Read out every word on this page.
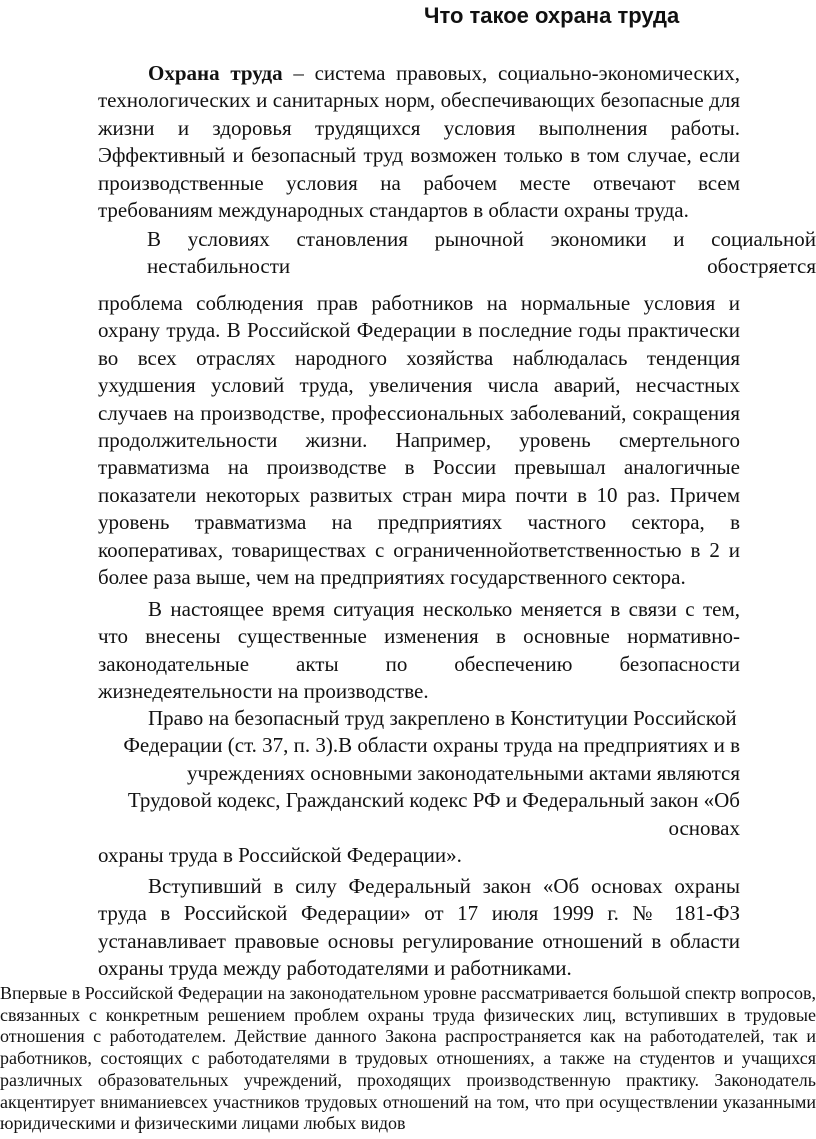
Что такое охрана труда

Охрана труда – система правовых, социально-экономических, технологических и санитарных норм, обеспечивающих безопасные для жизни и здоровья трудящихся условия выполнения работы. Эффективный и безопасный труд возможен только в том случае, если производственные условия на рабочем месте отвечают всем требованиям международных стандартов в области охраны труда.

В условиях становления рыночной экономики и социальной нестабильности обостряется

проблема соблюдения прав работников на нормальные условия и охрану труда. В Российской Федерации в последние годы практически во всех отраслях народного хозяйства наблюдалась тенденция ухудшения условий труда, увеличения числа аварий, несчастных случаев на производстве, профессиональных заболеваний, сокращения продолжительности жизни. Например, уровень смертельного травматизма на производстве в России превышал аналогичные показатели некоторых развитых стран мира почти в 10 раз. Причем уровень травматизма на предприятиях частного сектора, в кооперативах, товариществах с ограниченнойответственностью в 2 и более раза выше, чем на предприятиях государственного сектора.

В настоящее время ситуация несколько меняется в связи с тем, что внесены существенные изменения в основные нормативно-законодательные акты по обеспечению безопасности жизнедеятельности на производстве.

Право на безопасный труд закреплено в Конституции Российской
Федерации (ст. 37, п. 3).В области охраны труда на предприятиях и в
учреждениях основными законодательными актами являются
Трудовой кодекс, Гражданский кодекс РФ и Федеральный закон «Об
основах
охраны труда в Российской Федерации».

Вступивший в силу Федеральный закон «Об основах охраны труда в Российской Федерации» от 17 июля 1999 г. № 181-ФЗ устанавливает правовые основы регулирование отношений в области охраны труда между работодателями и работниками.

Впервые в Российской Федерации на законодательном уровне рассматривается большой спектр вопросов, связанных с конкретным решением проблем охраны труда физических лиц, вступивших в трудовые отношения с работодателем. Действие данного Закона распространяется как на работодателей, так и работников, состоящих с работодателями в трудовых отношениях, а также на студентов и учащихся различных образовательных учреждений, проходящих производственную практику. Законодатель акцентирует вниманиевсех участников трудовых отношений на том, что при осуществлении указанными юридическими и физическими лицами любых видов
